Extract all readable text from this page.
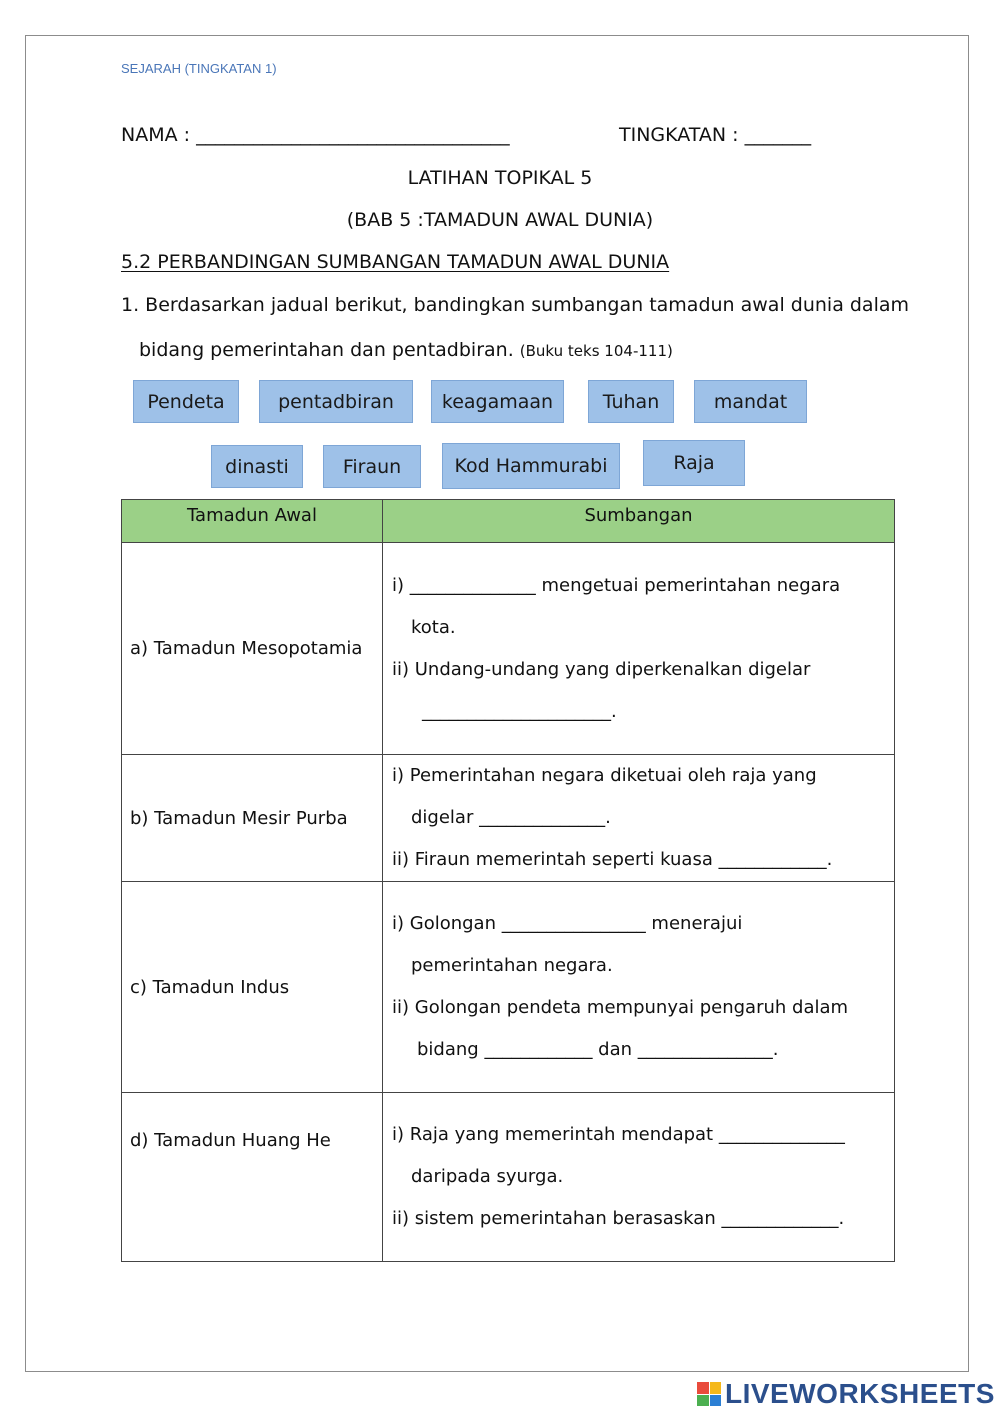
SEJARAH (TINGKATAN 1)
NAMA : _________________________________	TINGKATAN : _______
LATIHAN TOPIKAL 5
(BAB 5 :TAMADUN AWAL DUNIA)
5.2 PERBANDINGAN SUMBANGAN TAMADUN AWAL DUNIA
1. Berdasarkan jadual berikut, bandingkan sumbangan tamadun awal dunia dalam
bidang pemerintahan dan pentadbiran. (Buku teks 104-111)
Pendeta	pentadbiran	keagamaan	Tuhan	mandat
dinasti	Firaun	Kod Hammurabi	Raja
Tamadun Awal	Sumbangan
a) Tamadun Mesopotamia	i) ______________ mengetuai pemerintahan negara
kota.
ii) Undang-undang yang diperkenalkan digelar
_____________________.

b) Tamadun Mesir Purba	i) Pemerintahan negara diketuai oleh raja yang
digelar ______________.
ii) Firaun memerintah seperti kuasa ____________.

c) Tamadun Indus	i) Golongan ________________ menerajui
pemerintahan negara.
ii) Golongan pendeta mempunyai pengaruh dalam
bidang ____________ dan _______________.

d) Tamadun Huang He	i) Raja yang memerintah mendapat ______________
daripada syurga.
ii) sistem pemerintahan berasaskan _____________.
LIVEWORKSHEETS
